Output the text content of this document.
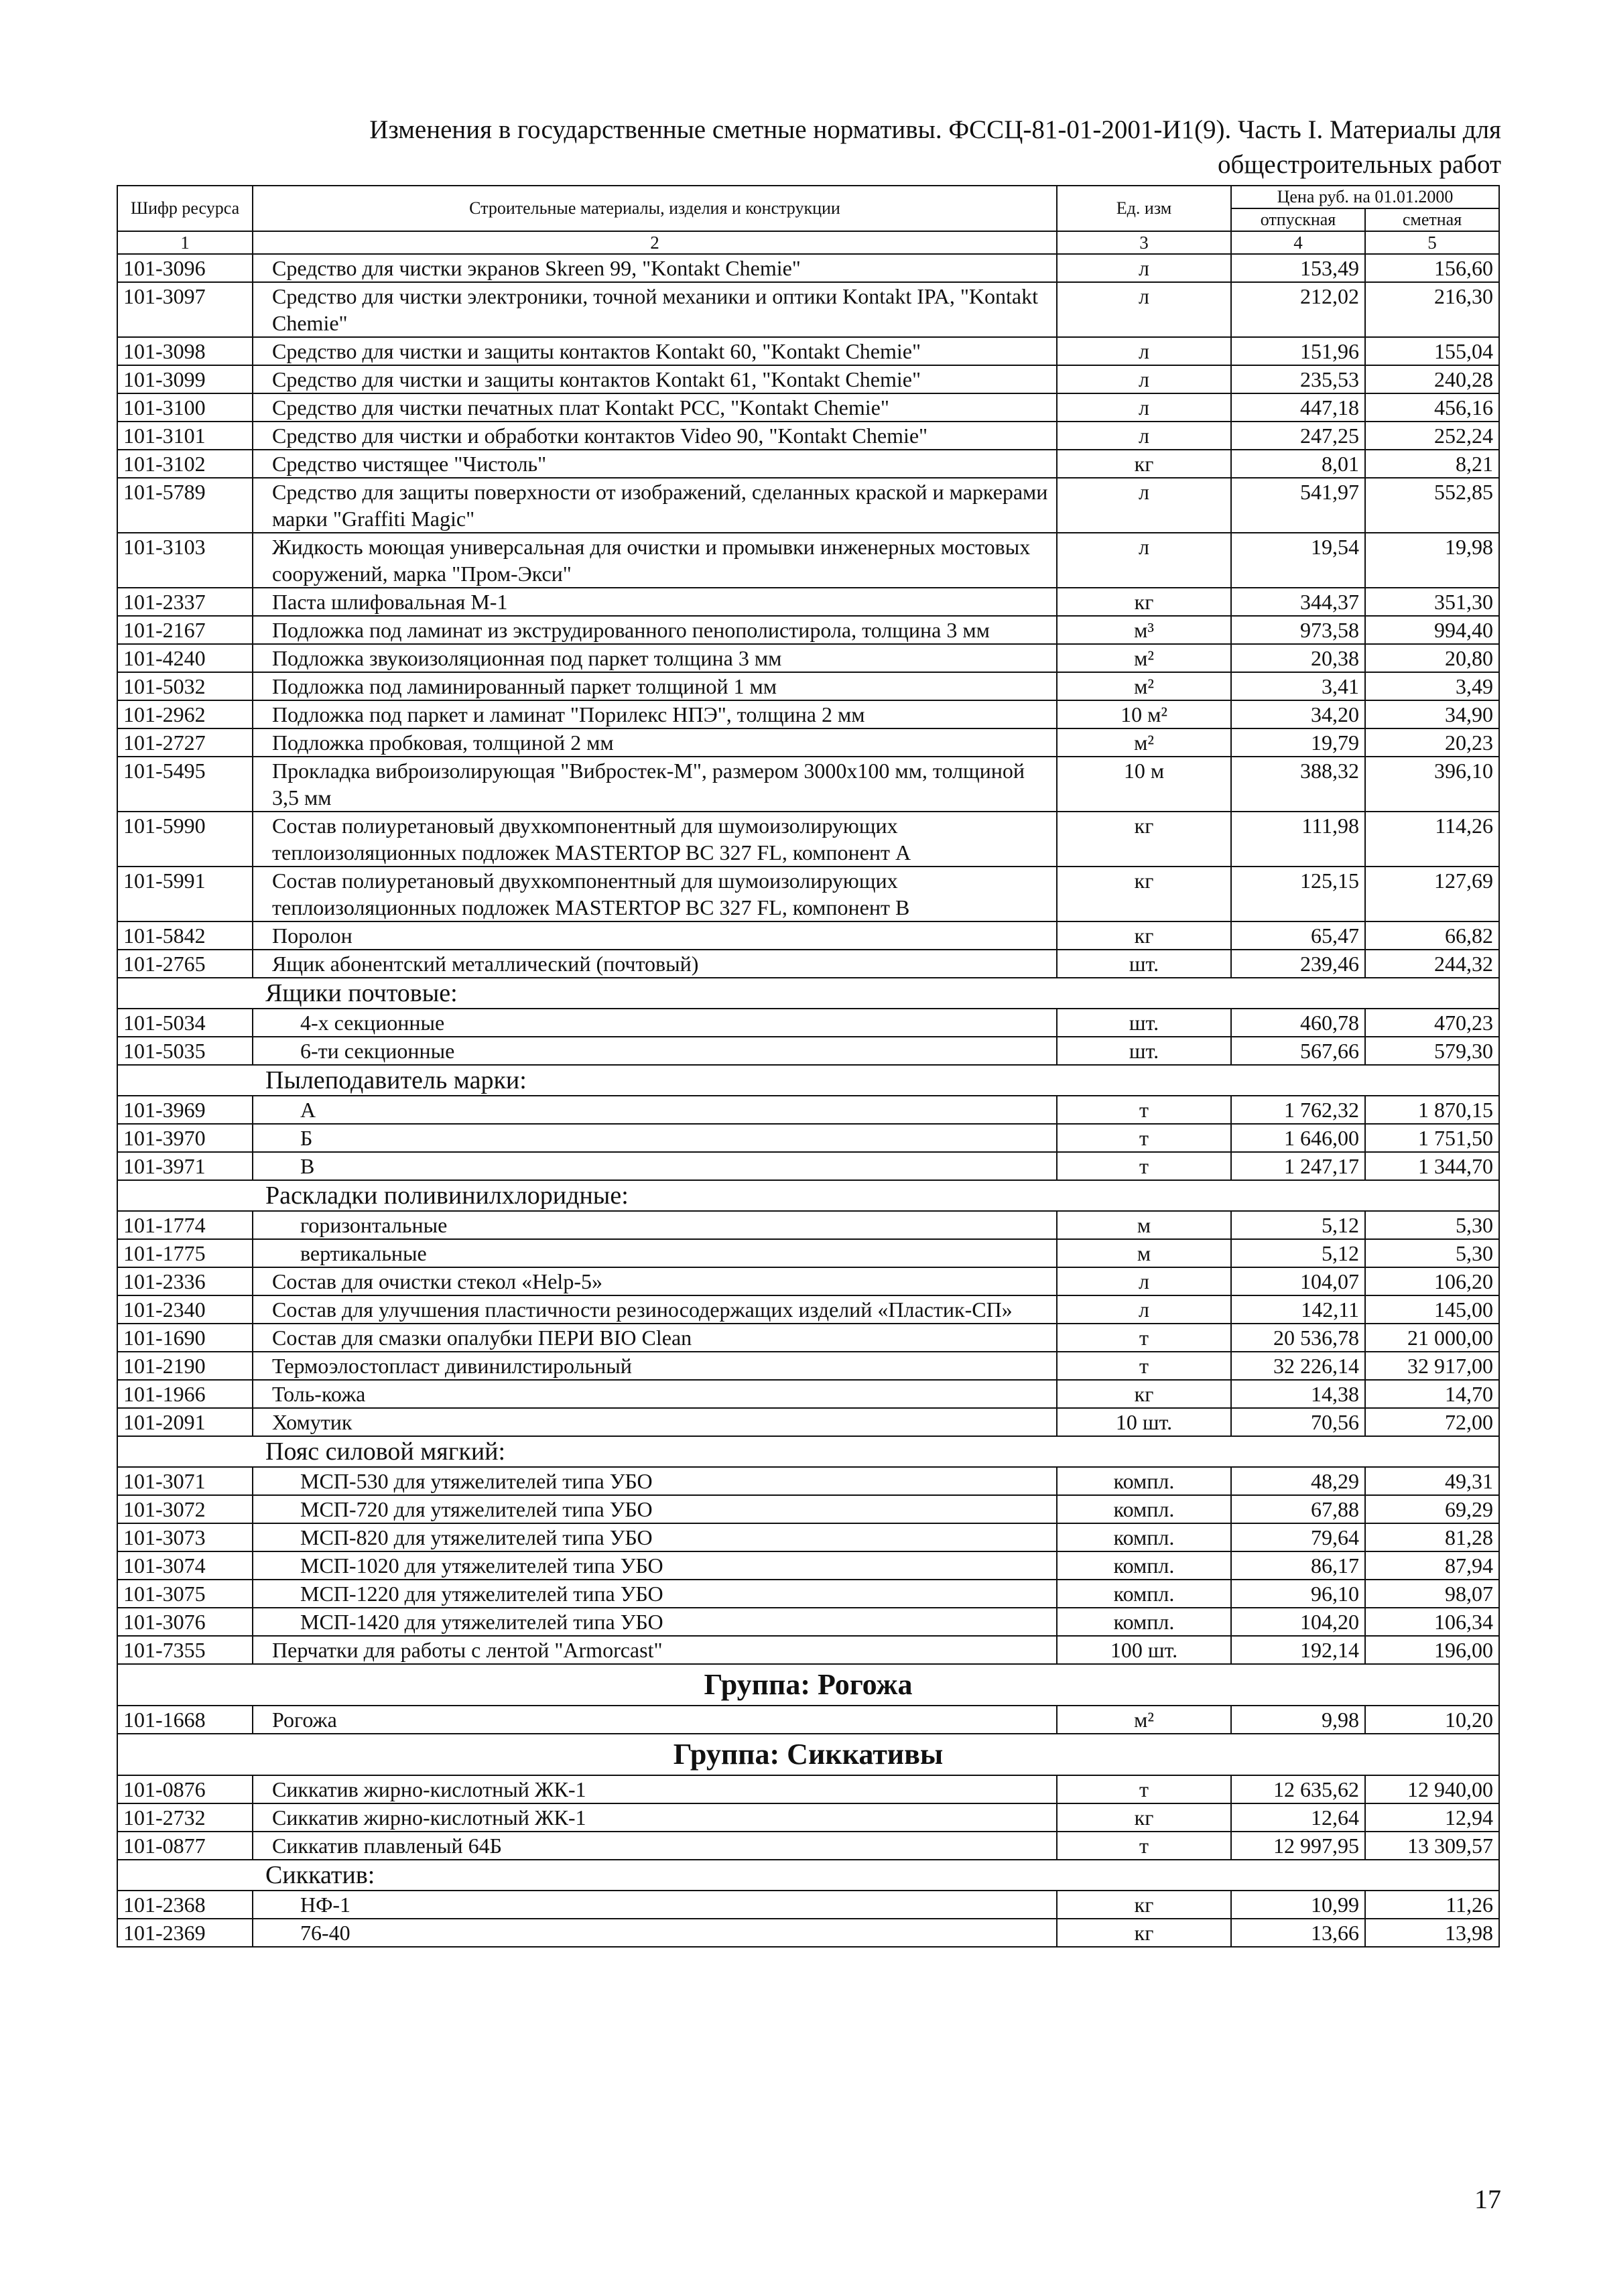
Изменения в государственные сметные нормативы. ФССЦ-81-01-2001-И1(9). Часть I. Материалы для
общестроительных работ
Шифр ресурса	Строительные материалы, изделия и конструкции	Ед. изм	Цена руб. на 01.01.2000	
			отпускная	сметная
1	2	3	4	5
101-3096	Средство для чистки экранов Skreen 99, "Kontakt Chemie"	л	153,49	156,60
101-3097	Средство для чистки электроники, точной механики и оптики Kontakt IPA, "Kontakt Chemie"	л	212,02	216,30
101-3098	Средство для чистки и защиты контактов Kontakt 60, "Kontakt Chemie"	л	151,96	155,04
101-3099	Средство для чистки и защиты контактов Kontakt 61, "Kontakt Chemie"	л	235,53	240,28
101-3100	Средство для чистки печатных плат Kontakt PCC, "Kontakt Chemie"	л	447,18	456,16
101-3101	Средство для чистки и обработки контактов Video 90, "Kontakt Chemie"	л	247,25	252,24
101-3102	Средство чистящее "Чистоль"	кг	8,01	8,21
101-5789	Средство для защиты поверхности от изображений, сделанных краской и маркерами марки "Graffiti Magic"	л	541,97	552,85
101-3103	Жидкость моющая универсальная для очистки и промывки инженерных мостовых сооружений, марка "Пром-Экси"	л	19,54	19,98
101-2337	Паста шлифовальная М-1	кг	344,37	351,30
101-2167	Подложка под ламинат из экструдированного пенополистирола, толщина 3 мм	м³	973,58	994,40
101-4240	Подложка звукоизоляционная под паркет толщина 3 мм	м²	20,38	20,80
101-5032	Подложка под ламинированный паркет толщиной 1 мм	м²	3,41	3,49
101-2962	Подложка под паркет и ламинат "Порилекс НПЭ", толщина 2 мм	10 м²	34,20	34,90
101-2727	Подложка пробковая, толщиной 2 мм	м²	19,79	20,23
101-5495	Прокладка виброизолирующая "Вибростек-М", размером 3000х100 мм, толщиной 3,5 мм	10 м	388,32	396,10
101-5990	Состав полиуретановый двухкомпонентный для шумоизолирующих теплоизоляционных подложек MASTERTOP BC 327 FL, компонент А	кг	111,98	114,26
101-5991	Состав полиуретановый двухкомпонентный для шумоизолирующих теплоизоляционных подложек MASTERTOP BC 327 FL, компонент В	кг	125,15	127,69
101-5842	Поролон	кг	65,47	66,82
101-2765	Ящик абонентский металлический (почтовый)	шт.	239,46	244,32
Ящики почтовые:				
101-5034	4-х секционные	шт.	460,78	470,23
101-5035	6-ти секционные	шт.	567,66	579,30
Пылеподавитель марки:				
101-3969	А	т	1 762,32	1 870,15
101-3970	Б	т	1 646,00	1 751,50
101-3971	В	т	1 247,17	1 344,70
Раскладки поливинилхлоридные:				
101-1774	горизонтальные	м	5,12	5,30
101-1775	вертикальные	м	5,12	5,30
101-2336	Состав для очистки стекол «Help-5»	л	104,07	106,20
101-2340	Состав для улучшения пластичности резиносодержащих изделий «Пластик-СП»	л	142,11	145,00
101-1690	Состав для смазки опалубки ПЕРИ BIO Clean	т	20 536,78	21 000,00
101-2190	Термоэлостопласт дивинилстирольный	т	32 226,14	32 917,00
101-1966	Толь-кожа	кг	14,38	14,70
101-2091	Хомутик	10 шт.	70,56	72,00
Пояс силовой мягкий:				
101-3071	МСП-530 для утяжелителей типа УБО	компл.	48,29	49,31
101-3072	МСП-720 для утяжелителей типа УБО	компл.	67,88	69,29
101-3073	МСП-820 для утяжелителей типа УБО	компл.	79,64	81,28
101-3074	МСП-1020 для утяжелителей типа УБО	компл.	86,17	87,94
101-3075	МСП-1220 для утяжелителей типа УБО	компл.	96,10	98,07
101-3076	МСП-1420 для утяжелителей типа УБО	компл.	104,20	106,34
101-7355	Перчатки для работы с лентой "Armorcast"	100 шт.	192,14	196,00
Группа: Рогожа				
101-1668	Рогожа	м²	9,98	10,20
Группа: Сиккативы				
101-0876	Сиккатив жирно-кислотный ЖК-1	т	12 635,62	12 940,00
101-2732	Сиккатив жирно-кислотный ЖК-1	кг	12,64	12,94
101-0877	Сиккатив плавленый 64Б	т	12 997,95	13 309,57
Сиккатив:				
101-2368	НФ-1	кг	10,99	11,26
101-2369	76-40	кг	13,66	13,98
17
